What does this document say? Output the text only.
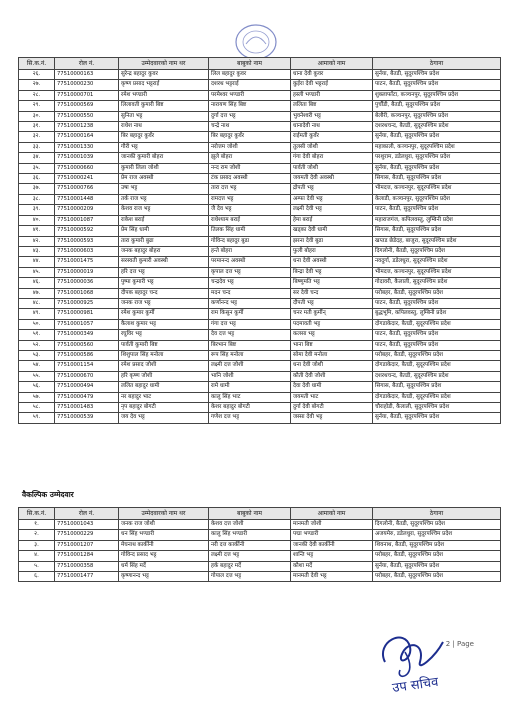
सि.क.नं.	रोल नं.	उम्मेदवारको नाम थर	बाबुको नाम	आमाको नाम	ठेगाना
२६.	77510000163	सुरेन्द्र बहादुर कुवर	लिल बहादुर कुवर	धाना देवी कुवर	सुर्नया, बैतडी, सुदूरपश्चिम प्रदेश
२७.	77510000230	कृष्ण प्रसाद भट्टराई	दशरथ भट्टराई	कुईरा देवी भट्टराई	पाटन, बैतडी, सुदूरपश्चिम प्रदेश
२८.	77510000701	रमेश भण्डारी	परमेश्वर भण्डारी	हस्ली भण्डारी	शुक्लाफाँटा, कञ्चनपुर, सुदूरपश्चिम प्रदेश
२९.	77510000569	लिलावती कुमारी बिष्ट	नारायण सिंह बिष्ट	ललिता बिष्ट	पुर्चौडी, बैतडी, सुदूरपश्चिम प्रदेश
३०.	77510000550	सुनिता भट्ट	दुर्गा दत्त भट्ट	भुवनेश्वरी भट्ट	बेलौरी, कञ्चनपुर, सुदूरपश्चिम प्रदेश
३१.	77510001238	राधेश नाथ	चन्द्रे नाथ	धानादेवी नाथ	दशरथचन्द, बैतडी, सुदूरपश्चिम प्रदेश
३२.	77510000164	बिर बहादुर कुवँर	बिर बहादुर कुवँर	राईमती कुवँर	सुर्नया, बैतडी, सुदूरपश्चिम प्रदेश
३३.	77510001330	गौरी भट्ट	नरोत्तम जोशी	तुलसी जोशी	महाकाली, कञ्चनपुर, सुदूरपश्चिम प्रदेश
३४.	77510001039	जानकी कुमारी बोहरा	झुले बोहरा	गंगा देवी बोहरा	परशुराम, डडेलधुरा, सुदूरपश्चिम प्रदेश
३५.	77510000660	कुमारी लिला जोशी	नन्द राम जोशी	पार्वती जोशी	सुर्नया, बैतडी, सुदूरपश्चिम प्रदेश
३६.	77510000241	प्रेम राज अवस्थी	टंक प्रसाद अवस्थी	जयमती देवी अवस्थी	सिगास, बैतडी, सुदूरपश्चिम प्रदेश
३७.	77510000766	उषा भट्ट	तारा दत्त भट्ट	द्रोपती भट्ट	भीमदत्त, कञ्चनपुर, सुदूरपश्चिम प्रदेश
३८.	77510001448	तर्क राज भट्ट	रामदत्त भट्ट	अम्फा देवी भट्ट	केलाडी, कञ्चनपुर, सुदूरपश्चिम प्रदेश
३९.	77510000209	केशव राज भट्ट	जै देव भट्ट	लक्ष्मी देवी भट्ट	पाटन, बैतडी, सुदूरपश्चिम प्रदेश
४०.	77510001087	राकेश बराई	राधेश्याम बराई	हेमा बराई	महाराजगंज, कपिलवस्तु, लुम्बिनी प्रदेश
४१.	77510000592	प्रेम सिंह धामी	तिलक सिंह धामी	खड्का देवी धामी	सिगास, बैतडी, सुदूरपश्चिम प्रदेश
४२.	77510000593	तारा कुमारी बुढा	गोविन्द बहादुर बुढा	झरना देवी बुढा	खप्तड छेडेदह, बाजुरा, सुदूरपश्चिम प्रदेश
४३.	77510000603	जनक बहादुर बोहरा	हन्ते बोहरा	फुली बोहरा	दिगलोनी, बैतडी, सुदूरपश्चिम प्रदेश
४४.	77510001475	सरस्वती कुमारी अवस्थी	परमानन्द अवस्थी	धना देवी अवस्थी	नवदुर्गा, डडेलधुरा, सुदूरपश्चिम प्रदेश
४५.	77510000019	हरि दत्त भट्ट	कृपाल दत्त भट्ट	बिन्द्रा देवी भट्ट	भीमदत्त, कञ्चनपुर, सुदूरपश्चिम प्रदेश
४६.	77510000036	पुष्पा कुमारी भट्ट	चन्द्रदेव भट्ट	बिष्णुमति भट्ट	गोदावरी, कैलाली, सुदूरपश्चिम प्रदेश
४७.	77510001068	दीपक बहादुर चन्द	मदन चन्द	सर देवी चन्द	परोबहर, बैतडी, सुदूरपश्चिम प्रदेश
४८.	77510000925	जनक राज भट्ट	कर्णानन्द भट्ट	दौपती भट्ट	पाटन, बैतडी, सुदूरपश्चिम प्रदेश
४९.	77510000981	रमेश कुमार कुर्मी	राम किसुन कुर्मी	चनर मती कुर्मीन्	बुद्धभूमि, कपिलवस्तु, लुम्बिनी प्रदेश
५०.	77510001057	कैलाश कुमार भट्ट	गंगा दत्त भट्ट	पदमावती भट्ट	दोगडाकेदार, बैतडी, सुदूरपश्चिम प्रदेश
५१.	77510000349	रघुविर भट्ट	देव दत्त भट्ट	कलसा भट्ट	पाटन, बैतडी, सुदूरपश्चिम प्रदेश
५२.	77510000560	पार्वती कुमारी बिष्ट	बिरभान बिष्ट	भाना बिष्ट	पाटन, बैतडी, सुदूरपश्चिम प्रदेश
५३.	77510000586	शिशुपाल सिंह मनोला	रूप सिंह मनोला	सोमा देवी मनोला	परोबहर, बैतडी, सुदूरपश्चिम प्रदेश
५४.	77510001154	रमेश प्रसाद जोशी	लक्ष्मी दत्त जोशी	धना देवी जोशी	दोगडाकेदार, बैतडी, सुदूरपश्चिम प्रदेश
५५.	77510000670	हरि कृष्ण जोशी	भानि जोशी	कौती देवी जोशी	दशरथचन्द, बैतडी, सुदूरपश्चिम प्रदेश
५६.	77510000494	ललित बहादुर धामी	रामे धामी	देवा देवी धामी	सिगास, बैतडी, सुदूरपश्चिम प्रदेश
५७.	77510000479	नर बहादुर भाट	कालु सिंह भाट	जयमती भाट	दोगडाकेदार, बैतडी, सुदूरपश्चिम प्रदेश
५८.	77510001483	नृप बहादुर बोगटी	केशर बहादुर बोगटी	दुर्गा देवी बोगटी	चौराहोडी, कैलाली, सुदूरपश्चिम प्रदेश
५९.	77510000539	जय देव भट्ट	गणेश दत्त भट्ट	जस्सा देवी भट्ट	सुर्नया, बैतडी, सुदूरपश्चिम प्रदेश
वैकल्पिक उम्मेदवार
सि.क.नं.	रोल नं.	उम्मेदवारको नाम थर	बाबुको नाम	आमाको नाम	ठेगाना
१.	77510001043	जनक राज जोशी	केशव दत्त जोशी	मानमती जोशी	दिगलोनी, बैतडी, सुदूरपश्चिम प्रदेश
२.	77510000229	धन सिंह भण्डारी	कालु सिंह भण्डारी	पद्मा भण्डारी	अजयमेरु, डडेलधुरा, सुदूरपश्चिम प्रदेश
३.	77510001207	मेघनाथ कार्कीनी	नरी दत्त कार्कीनी	जानकी देवी कार्कीनी	शिवनाथ, बैतडी, सुदूरपश्चिम प्रदेश
४.	77510001284	गोविन्द प्रसाद भट्ट	लक्ष्मी दत्त भट्ट	शान्ति भट्ट	परोबहर, बैतडी, सुदूरपश्चिम प्रदेश
५.	77510000358	धर्म सिंह मर्दे	हर्क बहादुर मर्दे	कौशा मर्दे	सुर्नया, बैतडी, सुदूरपश्चिम प्रदेश
६.	77510001477	कृष्णानन्द भट्ट	गोपाल दत्त भट्ट	मानमती देवी भट्ट	परोबहर, बैतडी, सुदूरपश्चिम प्रदेश
2 | Page
उप सचिव
